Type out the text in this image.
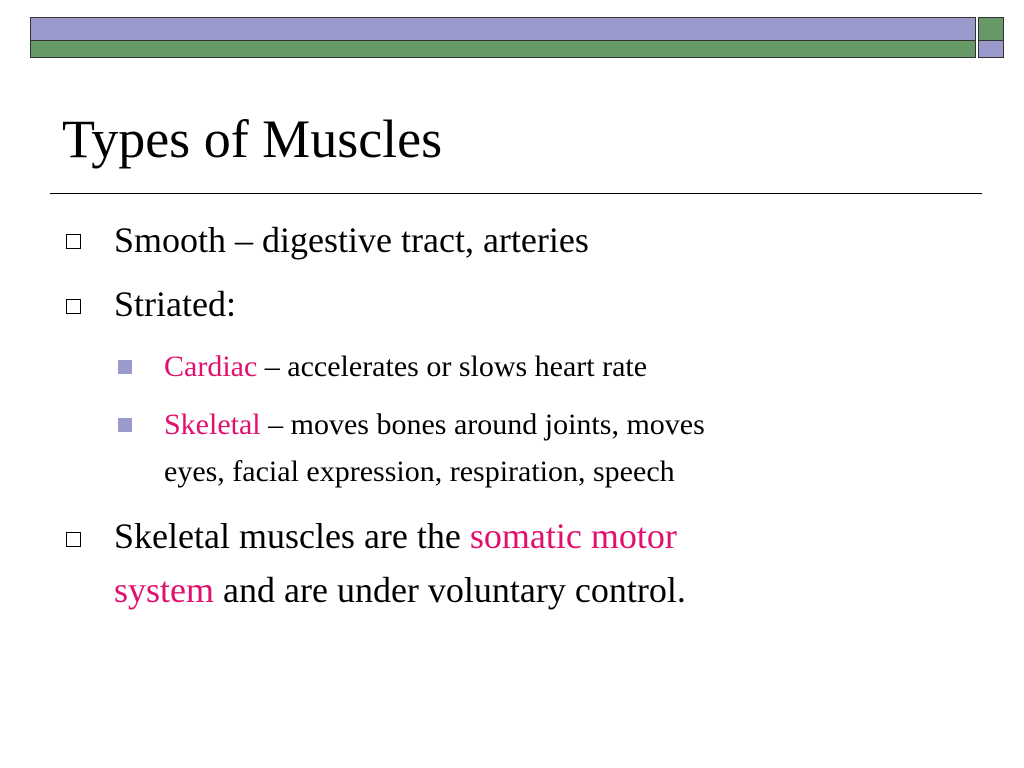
Types of Muscles
Smooth – digestive tract, arteries
Striated:
Cardiac – accelerates or slows heart rate
Skeletal – moves bones around joints, moves
eyes, facial expression, respiration, speech
Skeletal muscles are the somatic motor
system and are under voluntary control.
